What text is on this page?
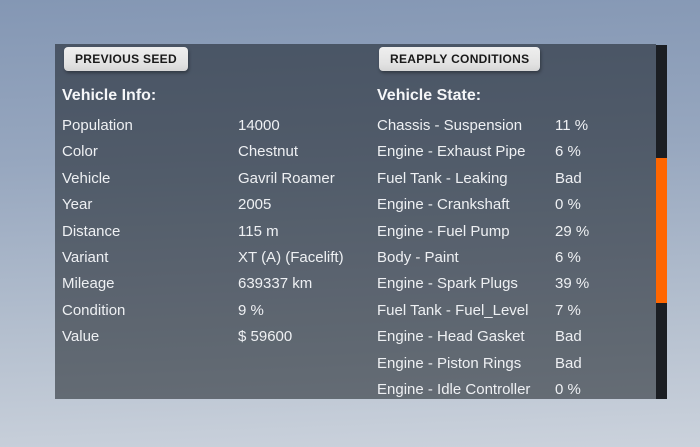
PREVIOUS SEED	REAPPLY CONDITIONS
Vehicle Info:
Population	14000
Color	Chestnut
Vehicle	Gavril Roamer
Year	2005
Distance	115 m
Variant	XT (A) (Facelift)
Mileage	639337 km
Condition	9 %
Value	$ 59600
Vehicle State:
Chassis - Suspension 11 %
Engine - Exhaust Pipe 6 %
Fuel Tank - Leaking	Bad
Engine - Crankshaft	0 %
Engine - Fuel Pump	29 %
Body - Paint	6 %
Engine - Spark Plugs 39 %
Fuel Tank - Fuel_Level 7 %
Engine - Head Gasket Bad
Engine - Piston Rings Bad
Engine - Idle Controller 0 %
